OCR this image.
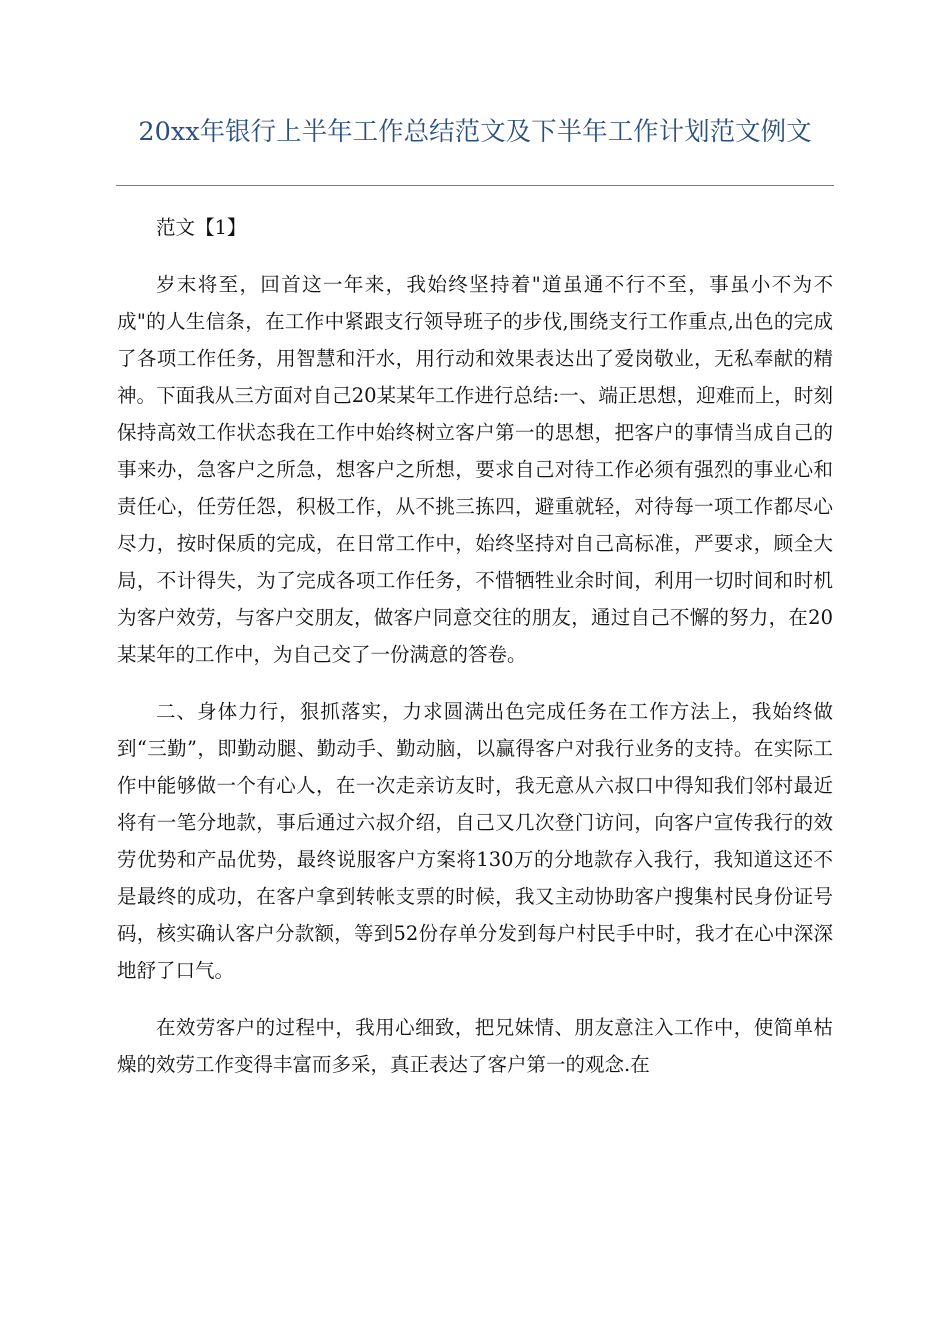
20xx年银行上半年工作总结范文及下半年工作计划范文例文

范文【1】

岁末将至，回首这一年来，我始终坚持着"道虽通不行不至，事虽小不为不成"的人生信条，在工作中紧跟支行领导班子的步伐,围绕支行工作重点,出色的完成了各项工作任务，用智慧和汗水，用行动和效果表达出了爱岗敬业，无私奉献的精神。下面我从三方面对自己20某某年工作进行总结:一、端正思想，迎难而上，时刻保持高效工作状态我在工作中始终树立客户第一的思想，把客户的事情当成自己的事来办，急客户之所急，想客户之所想，要求自己对待工作必须有强烈的事业心和责任心，任劳任怨，积极工作，从不挑三拣四，避重就轻，对待每一项工作都尽心尽力，按时保质的完成，在日常工作中，始终坚持对自己高标准，严要求，顾全大局，不计得失，为了完成各项工作任务，不惜牺牲业余时间，利用一切时间和时机为客户效劳，与客户交朋友，做客户同意交往的朋友，通过自己不懈的努力，在20某某年的工作中，为自己交了一份满意的答卷。

二、身体力行，狠抓落实，力求圆满出色完成任务在工作方法上，我始终做到“三勤”，即勤动腿、勤动手、勤动脑，以赢得客户对我行业务的支持。在实际工作中能够做一个有心人，在一次走亲访友时，我无意从六叔口中得知我们邻村最近将有一笔分地款，事后通过六叔介绍，自己又几次登门访问，向客户宣传我行的效劳优势和产品优势，最终说服客户方案将130万的分地款存入我行，我知道这还不是最终的成功，在客户拿到转帐支票的时候，我又主动协助客户搜集村民身份证号码，核实确认客户分款额，等到52份存单分发到每户村民手中时，我才在心中深深地舒了口气。

在效劳客户的过程中，我用心细致，把兄妹情、朋友意注入工作中，使简单枯燥的效劳工作变得丰富而多采，真正表达了客户第一的观念.在
